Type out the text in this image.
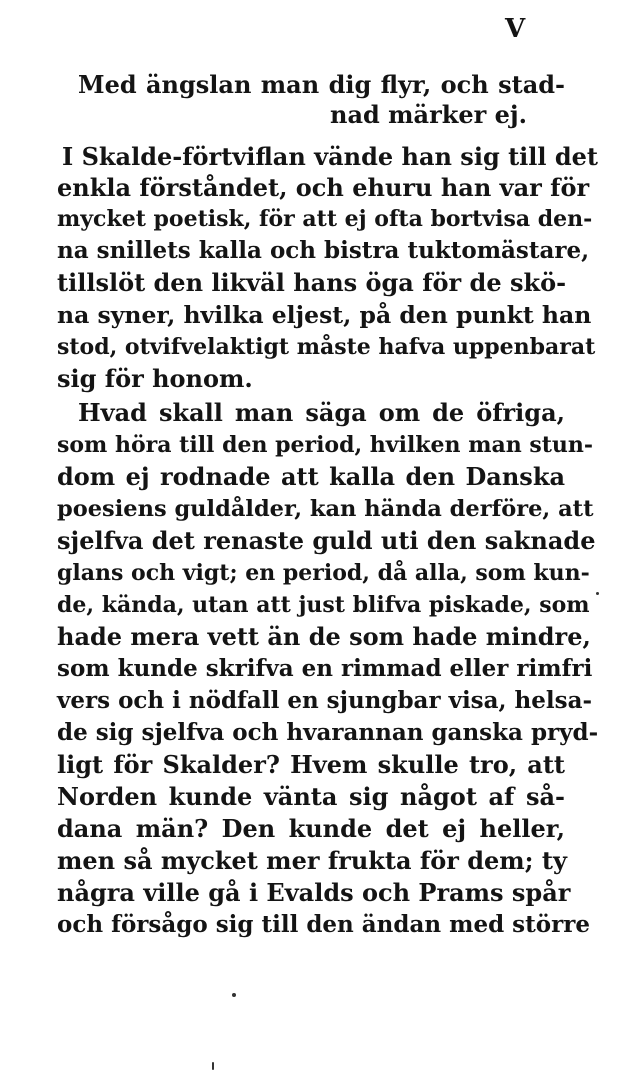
V
Med ängslan man dig flyr, och stad-
nad märker ej.
I Skalde-förtviflan vände han sig till det
enkla förståndet, och ehuru han var för
mycket poetisk, för att ej ofta bortvisa den-
na snillets kalla och bistra tuktomästare,
tillslöt den likväl hans öga för de skö-
na syner, hvilka eljest, på den punkt han
stod, otvifvelaktigt måste hafva uppenbarat
sig för honom.
Hvad skall man säga om de öfriga,
som höra till den period, hvilken man stun-
dom ej rodnade att kalla den Danska
poesiens guldålder, kan hända derföre, att
sjelfva det renaste guld uti den saknade
glans och vigt; en period, då alla, som kun-
de, kända, utan att just blifva piskade, som
hade mera vett än de som hade mindre,
som kunde skrifva en rimmad eller rimfri
vers och i nödfall en sjungbar visa, helsa-
de sig sjelfva och hvarannan ganska pryd-
ligt för Skalder? Hvem skulle tro, att
Norden kunde vänta sig något af så-
dana män? Den kunde det ej heller,
men så mycket mer frukta för dem; ty
några ville gå i Evalds och Prams spår
och försågo sig till den ändan med större
